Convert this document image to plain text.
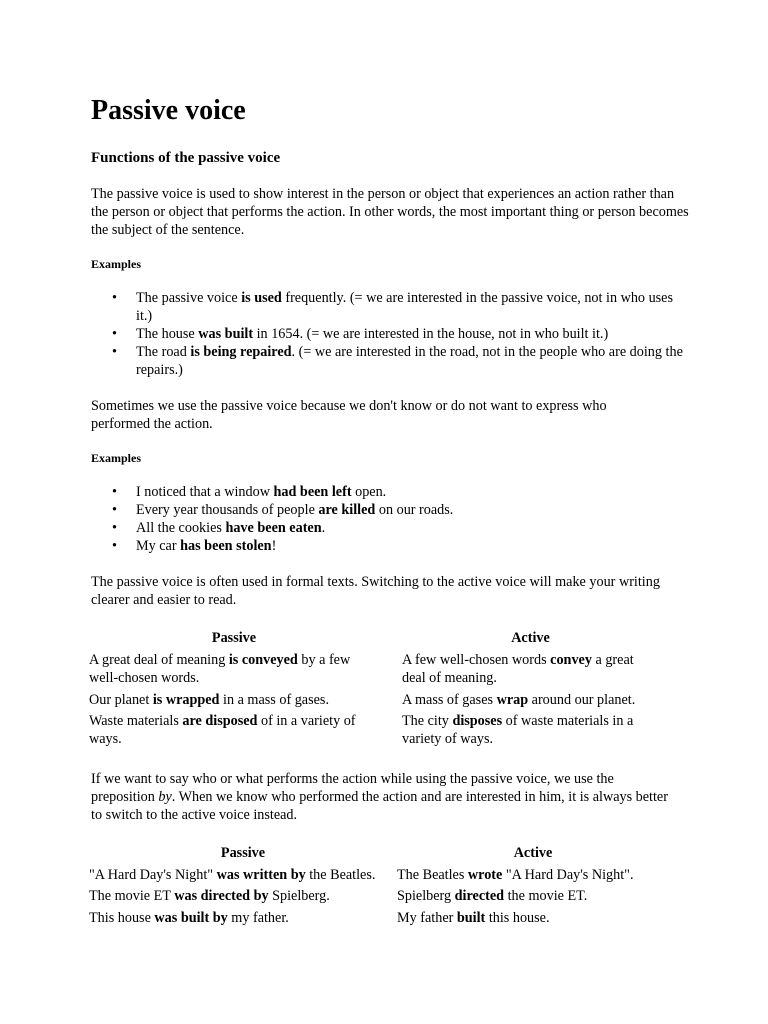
Passive voice
Functions of the passive voice

The passive voice is used to show interest in the person or object that experiences an action rather than the person or object that performs the action. In other words, the most important thing or person becomes the subject of the sentence.

Examples
• The passive voice is used frequently. (= we are interested in the passive voice, not in who uses it.)
• The house was built in 1654. (= we are interested in the house, not in who built it.)
• The road is being repaired. (= we are interested in the road, not in the people who are doing the repairs.)

Sometimes we use the passive voice because we don't know or do not want to express who performed the action.

Examples
• I noticed that a window had been left open.
• Every year thousands of people are killed on our roads.
• All the cookies have been eaten.
• My car has been stolen!

The passive voice is often used in formal texts. Switching to the active voice will make your writing clearer and easier to read.

Passive		Active
A great deal of meaning is conveyed by a few well-chosen words.		A few well-chosen words convey a great deal of meaning.
Our planet is wrapped in a mass of gases.		A mass of gases wrap around our planet.
Waste materials are disposed of in a variety of ways.		The city disposes of waste materials in a variety of ways.

If we want to say who or what performs the action while using the passive voice, we use the preposition by. When we know who performed the action and are interested in him, it is always better to switch to the active voice instead.

Passive	Active
"A Hard Day's Night" was written by the Beatles.	The Beatles wrote "A Hard Day's Night".
The movie ET was directed by Spielberg.	Spielberg directed the movie ET.
This house was built by my father.	My father built this house.
